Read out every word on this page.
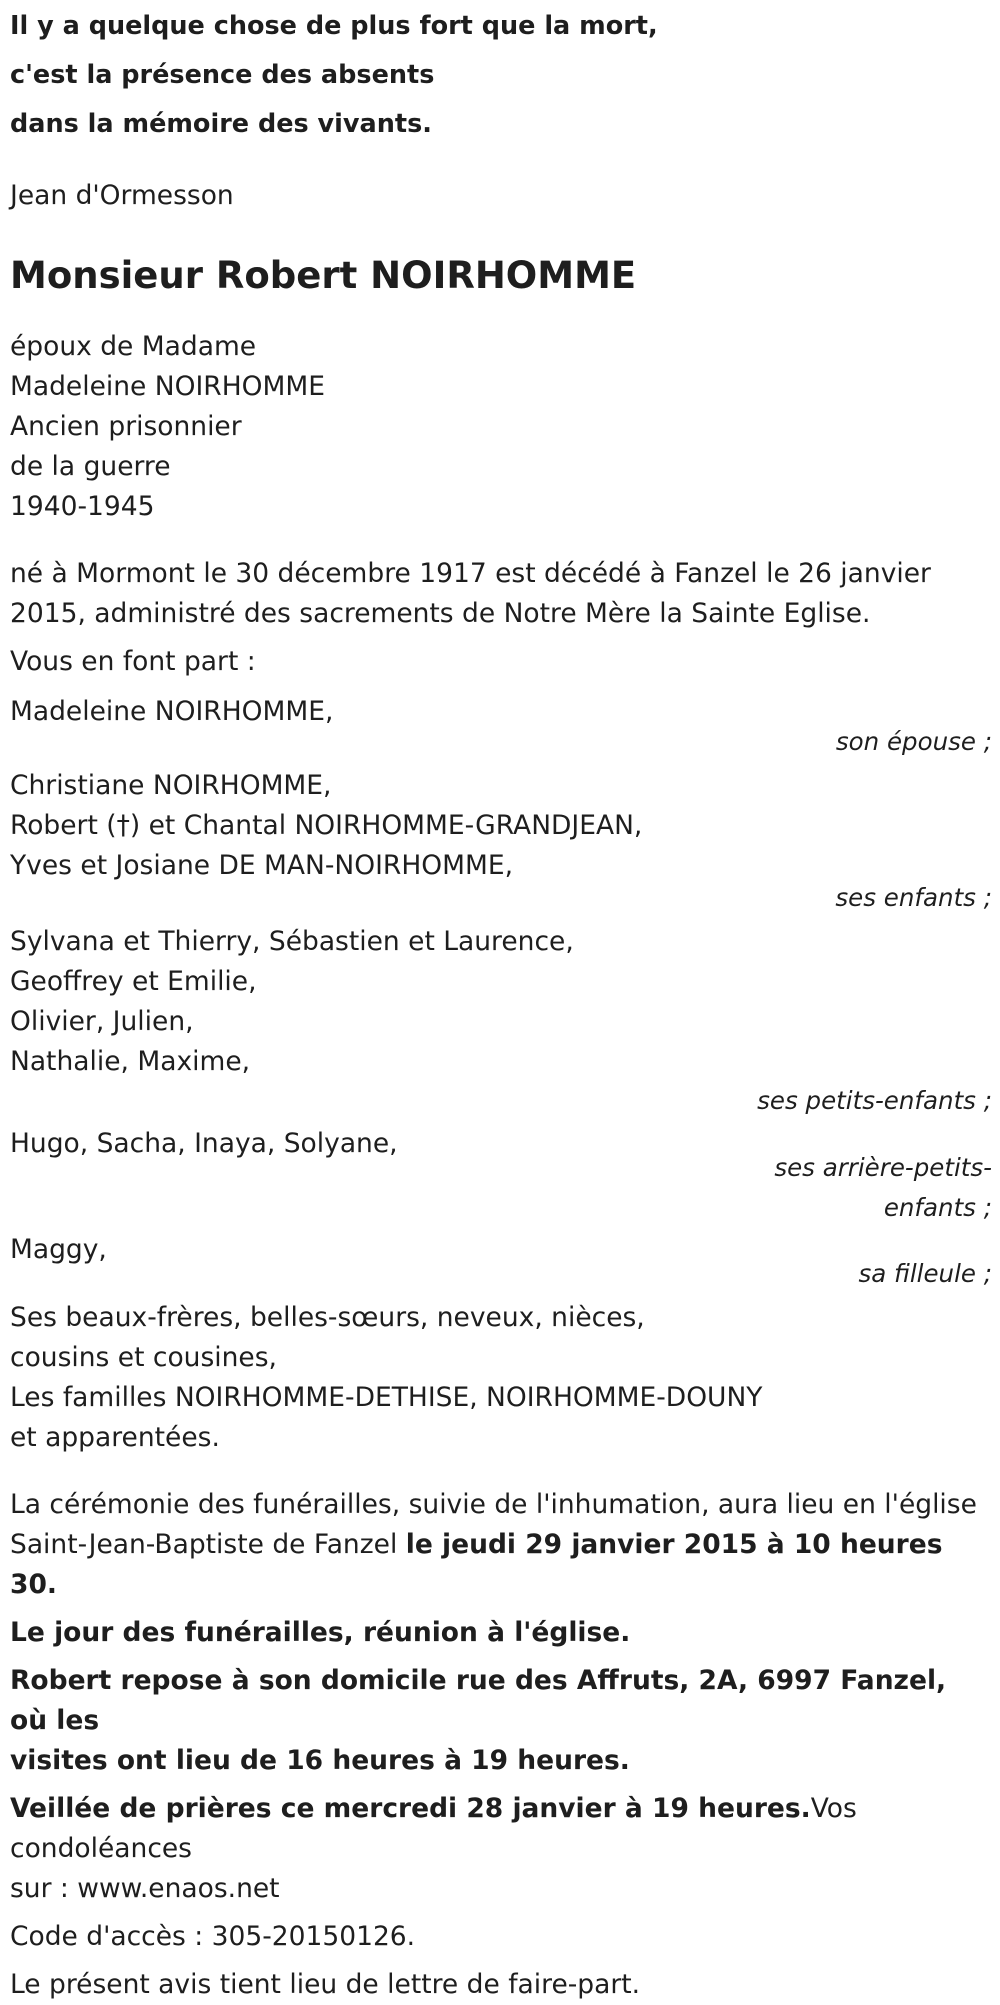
Il y a quelque chose de plus fort que la mort,
c'est la présence des absents
dans la mémoire des vivants.
Jean d'Ormesson
Monsieur Robert NOIRHOMME
époux de Madame
Madeleine NOIRHOMME
Ancien prisonnier
de la guerre
1940-1945
né à Mormont le 30 décembre 1917 est décédé à Fanzel le 26 janvier
2015, administré des sacrements de Notre Mère la Sainte Eglise.
Vous en font part :
Madeleine NOIRHOMME,
son épouse ;
Christiane NOIRHOMME,
Robert (†) et Chantal NOIRHOMME-GRANDJEAN,
Yves et Josiane DE MAN-NOIRHOMME,
ses enfants ;
Sylvana et Thierry, Sébastien et Laurence,
Geoffrey et Emilie,
Olivier, Julien,
Nathalie, Maxime,
ses petits-enfants ;
Hugo, Sacha, Inaya, Solyane,
ses arrière-petits-
enfants ;
Maggy,
sa filleule ;
Ses beaux-frères, belles-sœurs, neveux, nièces,
cousins et cousines,
Les familles NOIRHOMME-DETHISE, NOIRHOMME-DOUNY
et apparentées.
La cérémonie des funérailles, suivie de l'inhumation, aura lieu en l'église
Saint-Jean-Baptiste de Fanzel le jeudi 29 janvier 2015 à 10 heures 30.
Le jour des funérailles, réunion à l'église.
Robert repose à son domicile rue des Affruts, 2A, 6997 Fanzel, où les
visites ont lieu de 16 heures à 19 heures.
Veillée de prières ce mercredi 28 janvier à 19 heures.Vos condoléances
sur : www.enaos.net
Code d'accès : 305-20150126.
Le présent avis tient lieu de lettre de faire-part.
